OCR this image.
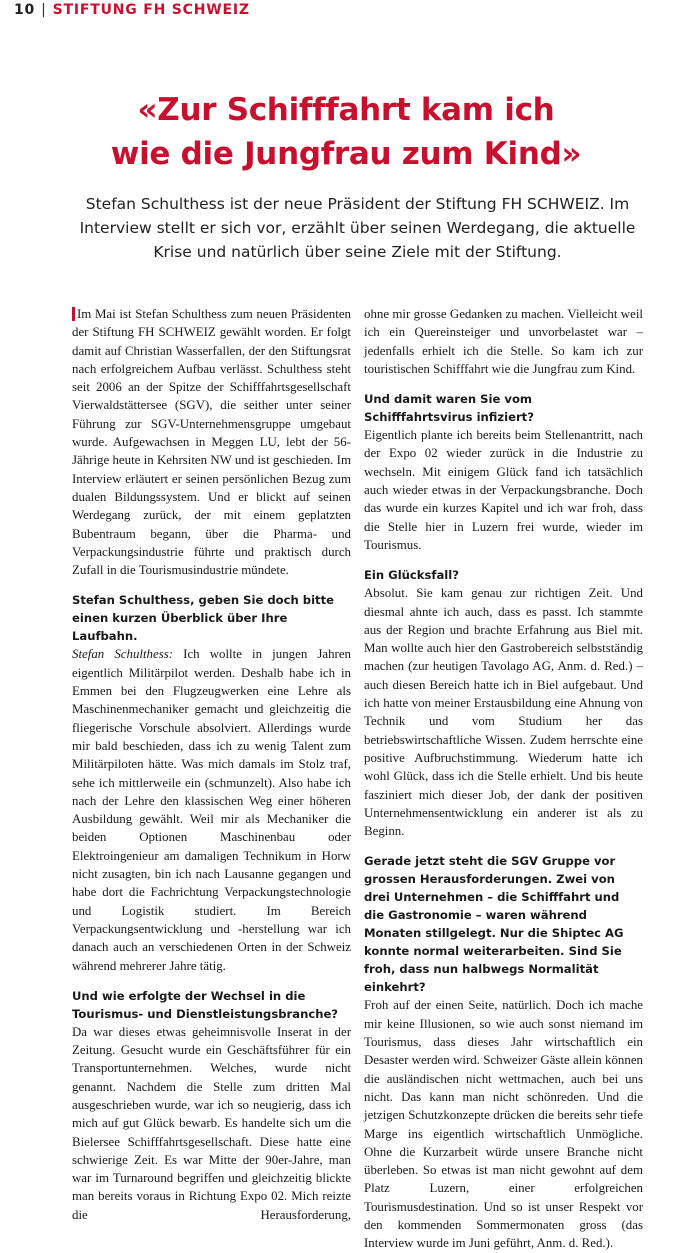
10 | STIFTUNG FH SCHWEIZ
«Zur Schifffahrt kam ich
wie die Jungfrau zum Kind»
Stefan Schulthess ist der neue Präsident der Stiftung FH SCHWEIZ. Im Interview stellt er sich vor, erzählt über seinen Werdegang, die aktuelle Krise und natürlich über seine Ziele mit der Stiftung.

Im Mai ist Stefan Schulthess zum neuen Präsidenten der Stiftung FH SCHWEIZ gewählt worden. Er folgt damit auf Christian Wasserfallen, der den Stiftungsrat nach erfolgreichem Aufbau verlässt. Schulthess steht seit 2006 an der Spitze der Schifffahrtsgesellschaft Vierwaldstättersee (SGV), die seither unter seiner Führung zur SGV-Unternehmensgruppe umgebaut wurde. Aufgewachsen in Meggen LU, lebt der 56-Jährige heute in Kehrsiten NW und ist geschieden. Im Interview erläutert er seinen persönlichen Bezug zum dualen Bildungssystem. Und er blickt auf seinen Werdegang zurück, der mit einem geplatzten Bubentraum begann, über die Pharma- und Verpackungsindustrie führte und praktisch durch Zufall in die Tourismusindustrie mündete.

Stefan Schulthess, geben Sie doch bitte einen kurzen Überblick über Ihre Laufbahn.

Stefan Schulthess: Ich wollte in jungen Jahren eigentlich Militärpilot werden. Deshalb habe ich in Emmen bei den Flugzeugwerken eine Lehre als Maschinenmechaniker gemacht und gleichzeitig die fliegerische Vorschule absolviert. Allerdings wurde mir bald beschieden, dass ich zu wenig Talent zum Militärpiloten hätte. Was mich damals im Stolz traf, sehe ich mittlerweile ein (schmunzelt). Also habe ich nach der Lehre den klassischen Weg einer höheren Ausbildung gewählt. Weil mir als Mechaniker die beiden Optionen Maschinenbau oder Elektroingenieur am damaligen Technikum in Horw nicht zusagten, bin ich nach Lausanne gegangen und habe dort die Fachrichtung Verpackungstechnologie und Logistik studiert. Im Bereich Verpackungsentwicklung und -herstellung war ich danach auch an verschiedenen Orten in der Schweiz während mehrerer Jahre tätig.

Und wie erfolgte der Wechsel in die Tourismus- und Dienstleistungsbranche?

Da war dieses etwas geheimnisvolle Inserat in der Zeitung. Gesucht wurde ein Geschäftsführer für ein Transportunternehmen. Welches, wurde nicht genannt. Nachdem die Stelle zum dritten Mal ausgeschrieben wurde, war ich so neugierig, dass ich mich auf gut Glück bewarb. Es handelte sich um die Bielersee Schifffahrtsgesellschaft. Diese hatte eine schwierige Zeit. Es war Mitte der 90er-Jahre, man war im Turnaround begriffen und gleichzeitig blickte man bereits voraus in Richtung Expo 02. Mich reizte die Herausforderung,

ohne mir grosse Gedanken zu machen. Vielleicht weil ich ein Quereinsteiger und unvorbelastet war – jedenfalls erhielt ich die Stelle. So kam ich zur touristischen Schifffahrt wie die Jungfrau zum Kind.

Und damit waren Sie vom Schifffahrtsvirus infiziert?

Eigentlich plante ich bereits beim Stellenantritt, nach der Expo 02 wieder zurück in die Industrie zu wechseln. Mit einigem Glück fand ich tatsächlich auch wieder etwas in der Verpackungsbranche. Doch das wurde ein kurzes Kapitel und ich war froh, dass die Stelle hier in Luzern frei wurde, wieder im Tourismus.

Ein Glücksfall?

Absolut. Sie kam genau zur richtigen Zeit. Und diesmal ahnte ich auch, dass es passt. Ich stammte aus der Region und brachte Erfahrung aus Biel mit. Man wollte auch hier den Gastrobereich selbstständig machen (zur heutigen Tavolago AG, Anm. d. Red.) – auch diesen Bereich hatte ich in Biel aufgebaut. Und ich hatte von meiner Erstausbildung eine Ahnung von Technik und vom Studium her das betriebswirtschaftliche Wissen. Zudem herrschte eine positive Aufbruchstimmung. Wiederum hatte ich wohl Glück, dass ich die Stelle erhielt. Und bis heute fasziniert mich dieser Job, der dank der positiven Unternehmensentwicklung ein anderer ist als zu Beginn.

Gerade jetzt steht die SGV Gruppe vor grossen Herausforderungen. Zwei von drei Unternehmen – die Schifffahrt und die Gastronomie – waren während Monaten stillgelegt. Nur die Shiptec AG konnte normal weiterarbeiten. Sind Sie froh, dass nun halbwegs Normalität einkehrt?

Froh auf der einen Seite, natürlich. Doch ich mache mir keine Illusionen, so wie auch sonst niemand im Tourismus, dass dieses Jahr wirtschaftlich ein Desaster werden wird. Schweizer Gäste allein können die ausländischen nicht wettmachen, auch bei uns nicht. Das kann man nicht schönreden. Und die jetzigen Schutzkonzepte drücken die bereits sehr tiefe Marge ins eigentlich wirtschaftlich Unmögliche. Ohne die Kurzarbeit würde unsere Branche nicht überleben. So etwas ist man nicht gewohnt auf dem Platz Luzern, einer erfolgreichen Tourismusdestination. Und so ist unser Respekt vor den kommenden Sommermonaten gross (das Interview wurde im Juni geführt, Anm. d. Red.).
